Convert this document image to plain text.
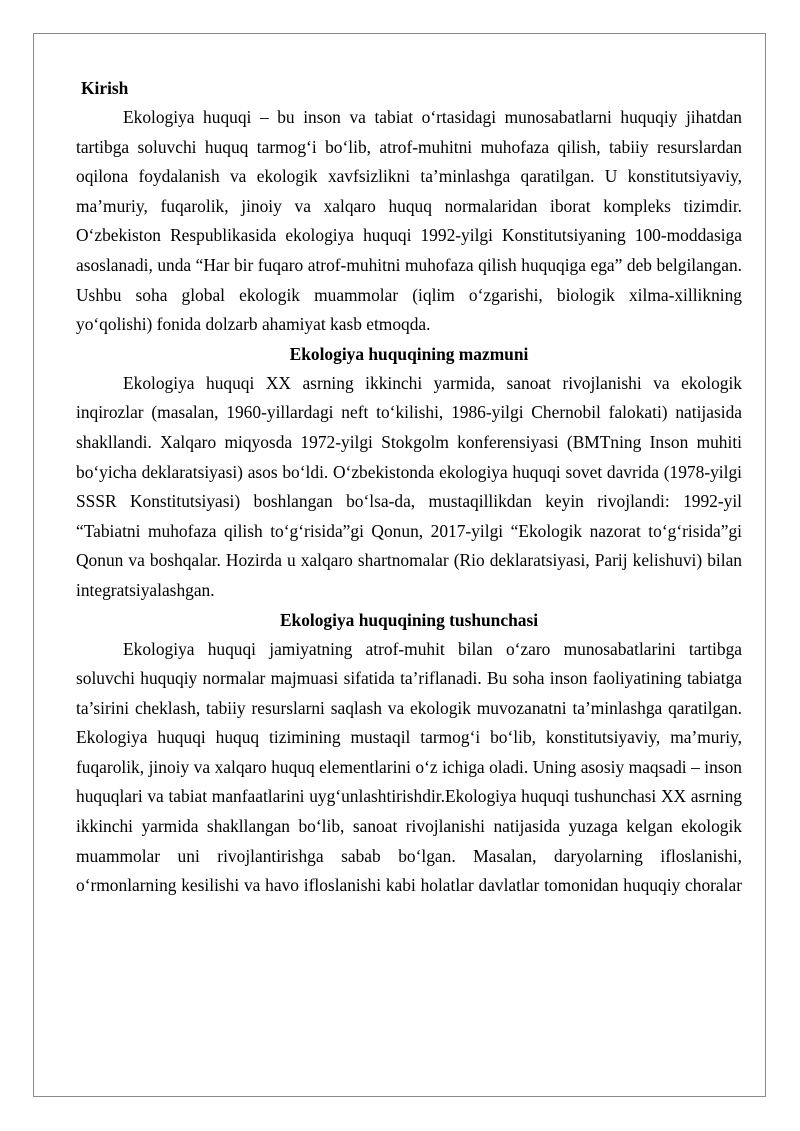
Kirish

Ekologiya huquqi – bu inson va tabiat o‘rtasidagi munosabatlarni huquqiy jihatdan tartibga soluvchi huquq tarmog‘i bo‘lib, atrof-muhitni muhofaza qilish, tabiiy resurslardan oqilona foydalanish va ekologik xavfsizlikni ta’minlashga qaratilgan. U konstitutsiyaviy, ma’muriy, fuqarolik, jinoiy va xalqaro huquq normalaridan iborat kompleks tizimdir. O‘zbekiston Respublikasida ekologiya huquqi 1992-yilgi Konstitutsiyaning 100-moddasiga asoslanadi, unda “Har bir fuqaro atrof-muhitni muhofaza qilish huquqiga ega” deb belgilangan. Ushbu soha global ekologik muammolar (iqlim o‘zgarishi, biologik xilma-xillikning yo‘qolishi) fonida dolzarb ahamiyat kasb etmoqda.

Ekologiya huquqining mazmuni

Ekologiya huquqi XX asrning ikkinchi yarmida, sanoat rivojlanishi va ekologik inqirozlar (masalan, 1960-yillardagi neft to‘kilishi, 1986-yilgi Chernobil falokati) natijasida shakllandi. Xalqaro miqyosda 1972-yilgi Stokgolm konferensiyasi (BMTning Inson muhiti bo‘yicha deklaratsiyasi) asos bo‘ldi. O‘zbekistonda ekologiya huquqi sovet davrida (1978-yilgi SSSR Konstitutsiyasi) boshlangan bo‘lsa-da, mustaqillikdan keyin rivojlandi: 1992-yil “Tabiatni muhofaza qilish to‘g‘risida”gi Qonun, 2017-yilgi “Ekologik nazorat to‘g‘risida”gi Qonun va boshqalar. Hozirda u xalqaro shartnomalar (Rio deklaratsiyasi, Parij kelishuvi) bilan integratsiyalashgan.

Ekologiya huquqining tushunchasi

Ekologiya huquqi jamiyatning atrof-muhit bilan o‘zaro munosabatlarini tartibga soluvchi huquqiy normalar majmuasi sifatida ta’riflanadi. Bu soha inson faoliyatining tabiatga ta’sirini cheklash, tabiiy resurslarni saqlash va ekologik muvozanatni ta’minlashga qaratilgan. Ekologiya huquqi huquq tizimining mustaqil tarmog‘i bo‘lib, konstitutsiyaviy, ma’muriy, fuqarolik, jinoiy va xalqaro huquq elementlarini o‘z ichiga oladi. Uning asosiy maqsadi – inson huquqlari va tabiat manfaatlarini uyg‘unlashtirishdir.Ekologiya huquqi tushunchasi XX asrning ikkinchi yarmida shakllangan bo‘lib, sanoat rivojlanishi natijasida yuzaga kelgan ekologik muammolar uni rivojlantirishga sabab bo‘lgan. Masalan, daryolarning ifloslanishi, o‘rmonlarning kesilishi va havo ifloslanishi kabi holatlar davlatlar tomonidan huquqiy choralar
